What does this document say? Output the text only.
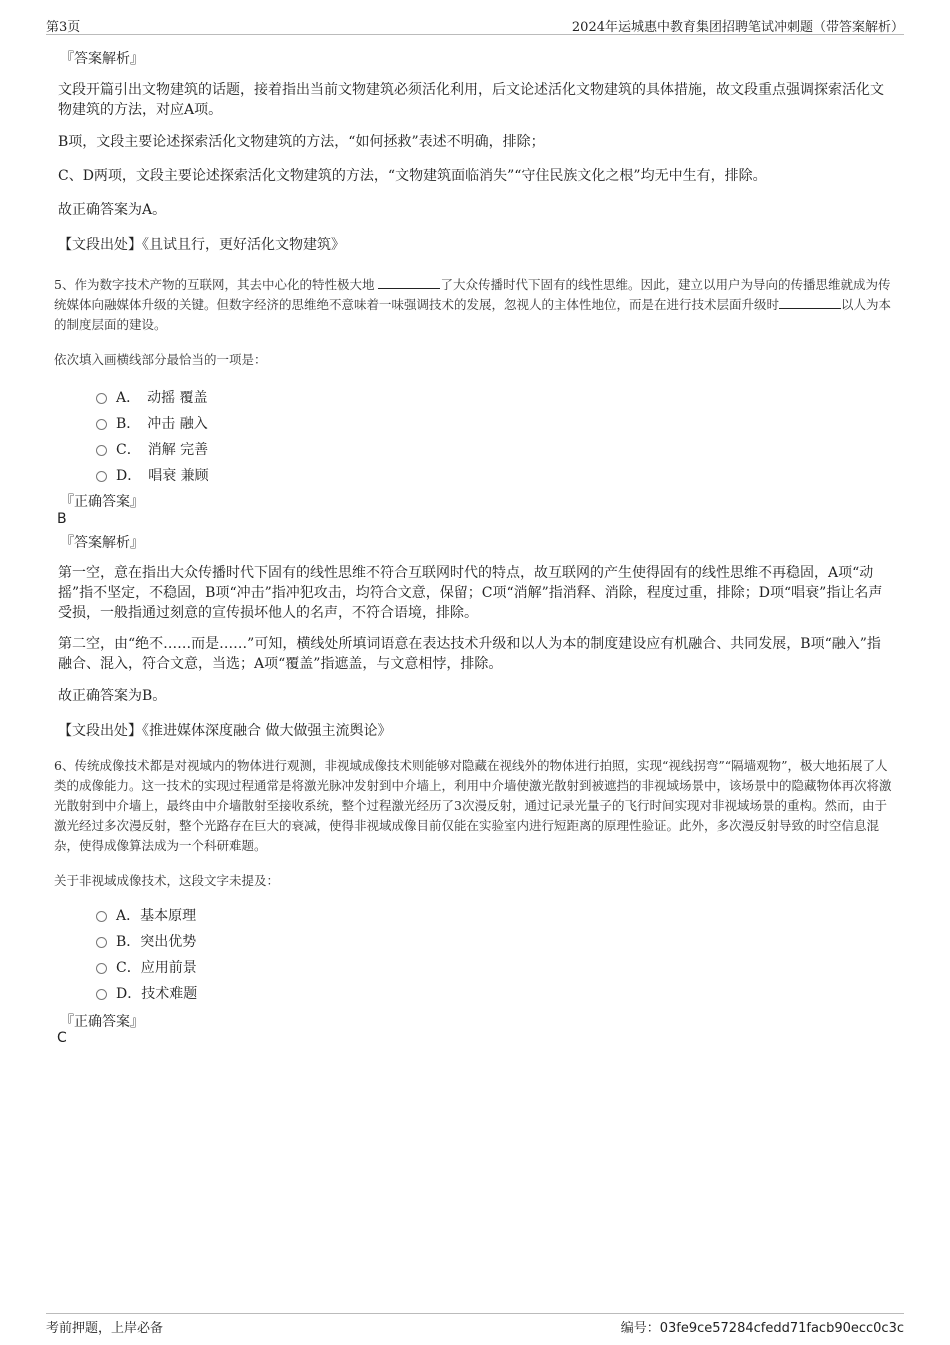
第3页	2024年运城惠中教育集团招聘笔试冲刺题（带答案解析）
『答案解析』
文段开篇引出文物建筑的话题，接着指出当前文物建筑必须活化利用，后文论述活化文物建筑的具体措施，故文段重点强调探索活化文物建筑的方法，对应A项。
B项，文段主要论述探索活化文物建筑的方法，“如何拯救”表述不明确，排除；
C、D两项，文段主要论述探索活化文物建筑的方法，“文物建筑面临消失”“守住民族文化之根”均无中生有，排除。
故正确答案为A。
【文段出处】《且试且行，更好活化文物建筑》
5、作为数字技术产物的互联网，其去中心化的特性极大地	了大众传播时代下固有的线性思维。因此，建立以用户为导向的传播思维就成为传统媒体向融媒体升级的关键。但数字经济的思维绝不意味着一味强调技术的发展，忽视人的主体性地位，而是在进行技术层面升级时	以人为本的制度层面的建设。
依次填入画横线部分最恰当的一项是：
A．　动摇 覆盖
B．　冲击 融入
C．　消解 完善
D．　唱衰 兼顾
『正确答案』
B
『答案解析』
第一空，意在指出大众传播时代下固有的线性思维不符合互联网时代的特点，故互联网的产生使得固有的线性思维不再稳固，A项“动摇”指不坚定，不稳固，B项“冲击”指冲犯攻击，均符合文意，保留；C项“消解”指消释、消除，程度过重，排除；D项“唱衰”指让名声受损，一般指通过刻意的宣传损坏他人的名声，不符合语境，排除。
第二空，由“绝不……而是……”可知，横线处所填词语意在表达技术升级和以人为本的制度建设应有机融合、共同发展，B项“融入”指融合、混入，符合文意，当选；A项“覆盖”指遮盖，与文意相悖，排除。
故正确答案为B。
【文段出处】《推进媒体深度融合 做大做强主流舆论》
6、传统成像技术都是对视域内的物体进行观测，非视域成像技术则能够对隐藏在视线外的物体进行拍照，实现“视线拐弯”“隔墙观物”，极大地拓展了人类的成像能力。这一技术的实现过程通常是将激光脉冲发射到中介墙上，利用中介墙使激光散射到被遮挡的非视域场景中，该场景中的隐藏物体再次将激光散射到中介墙上，最终由中介墙散射至接收系统，整个过程激光经历了3次漫反射，通过记录光量子的飞行时间实现对非视域场景的重构。然而，由于激光经过多次漫反射，整个光路存在巨大的衰减，使得非视域成像目前仅能在实验室内进行短距离的原理性验证。此外，多次漫反射导致的时空信息混杂，使得成像算法成为一个科研难题。
关于非视域成像技术，这段文字未提及：
A．基本原理
B．突出优势
C．应用前景
D．技术难题
『正确答案』
C
考前押题，上岸必备	编号：03fe9ce57284cfedd71facb90ecc0c3c
